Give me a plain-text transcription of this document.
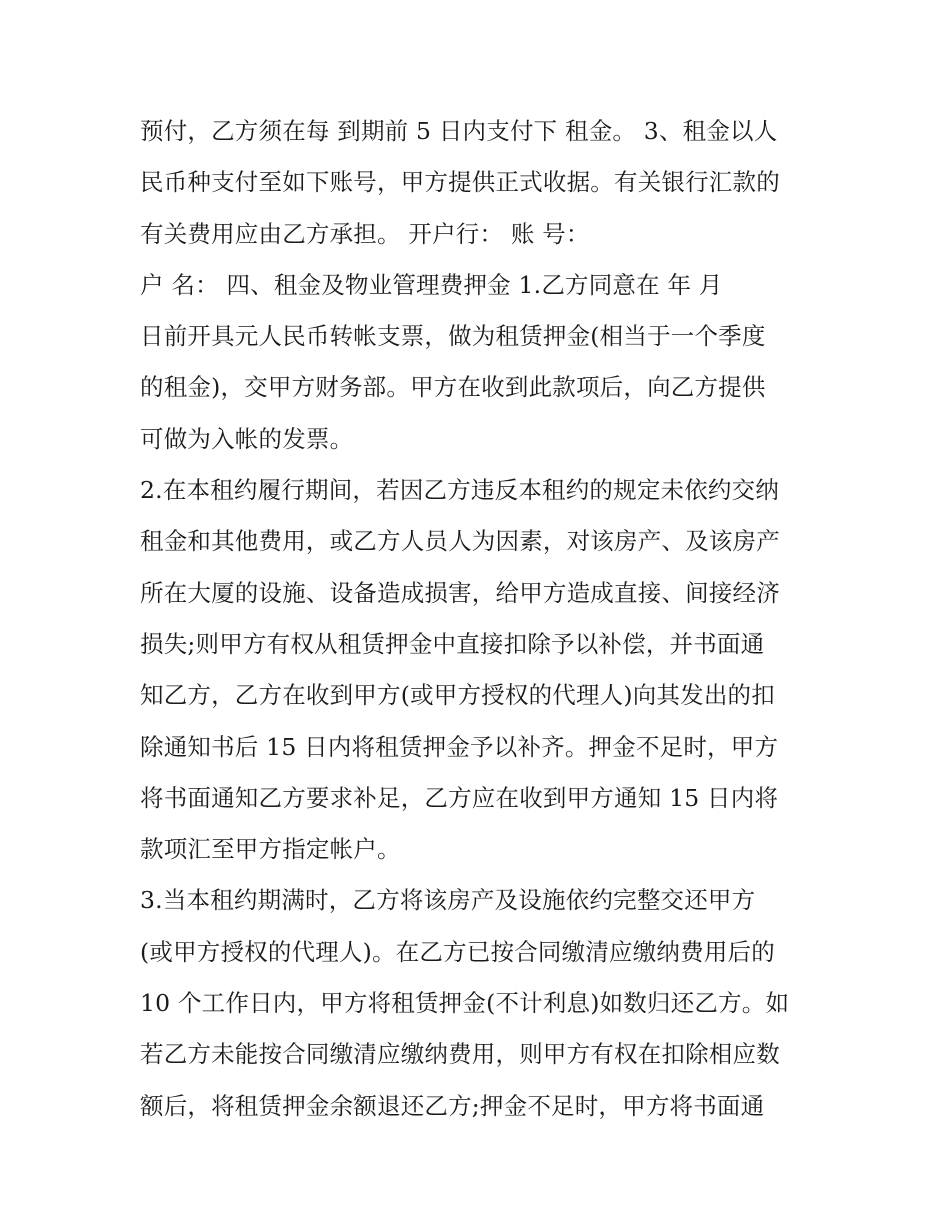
预付，乙方须在每 到期前 5 日内支付下 租金。 3、租金以人
民币种支付至如下账号，甲方提供正式收据。有关银行汇款的
有关费用应由乙方承担。 开户行： 账 号：
户 名： 四、租金及物业管理费押金 1.乙方同意在 年 月
日前开具元人民币转帐支票，做为租赁押金(相当于一个季度
的租金)，交甲方财务部。甲方在收到此款项后，向乙方提供
可做为入帐的发票。
2.在本租约履行期间，若因乙方违反本租约的规定未依约交纳
租金和其他费用，或乙方人员人为因素，对该房产、及该房产
所在大厦的设施、设备造成损害，给甲方造成直接、间接经济
损失;则甲方有权从租赁押金中直接扣除予以补偿，并书面通
知乙方，乙方在收到甲方(或甲方授权的代理人)向其发出的扣
除通知书后 15 日内将租赁押金予以补齐。押金不足时，甲方
将书面通知乙方要求补足，乙方应在收到甲方通知 15 日内将
款项汇至甲方指定帐户。
3.当本租约期满时，乙方将该房产及设施依约完整交还甲方
(或甲方授权的代理人)。在乙方已按合同缴清应缴纳费用后的
10 个工作日内，甲方将租赁押金(不计利息)如数归还乙方。如
若乙方未能按合同缴清应缴纳费用，则甲方有权在扣除相应数
额后，将租赁押金余额退还乙方;押金不足时，甲方将书面通
